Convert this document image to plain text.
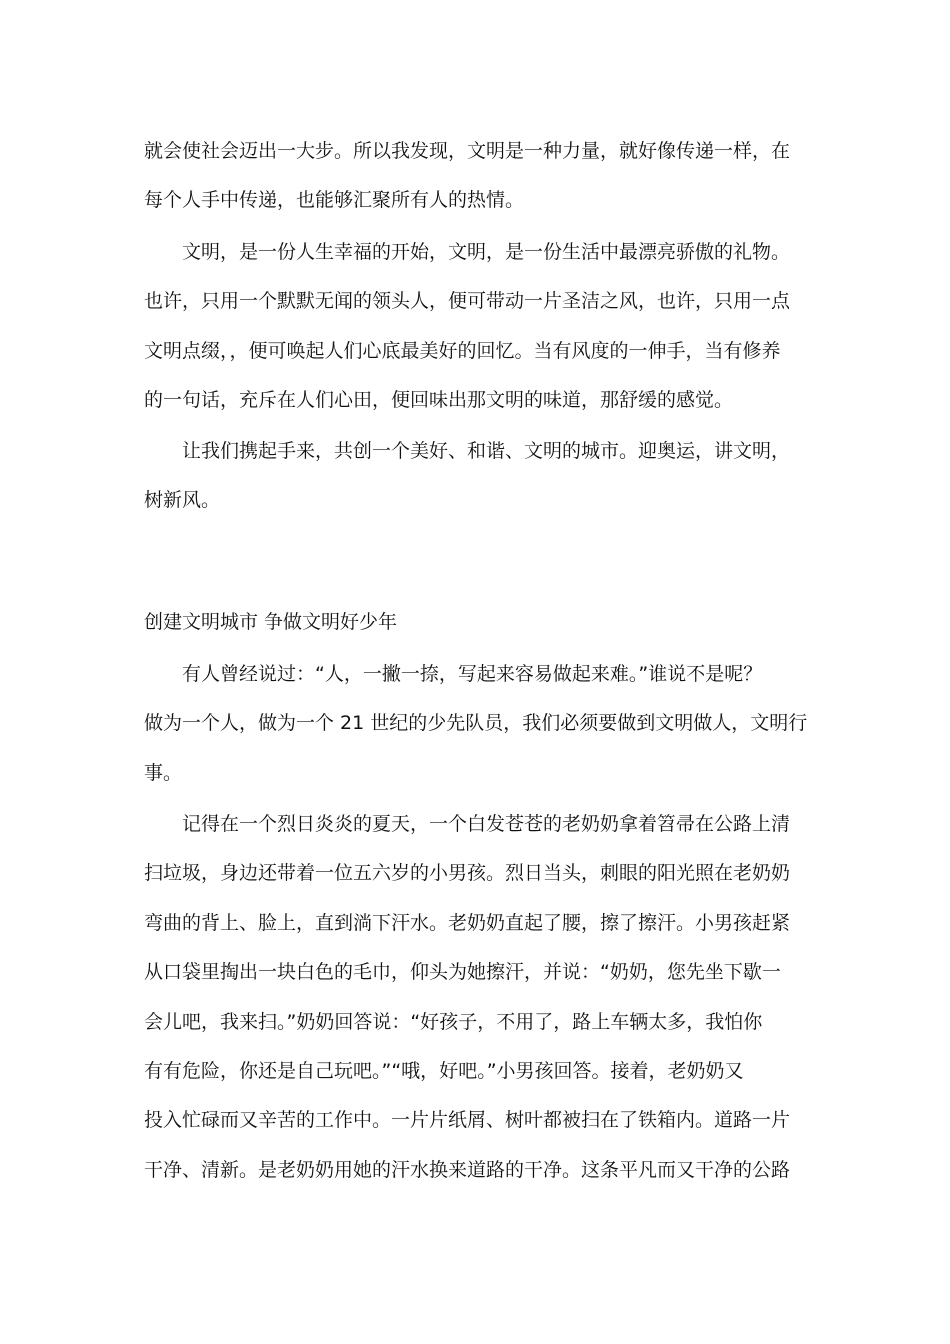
就会使社会迈出一大步。所以我发现，文明是一种力量，就好像传递一样，在
每个人手中传递，也能够汇聚所有人的热情。
文明，是一份人生幸福的开始，文明，是一份生活中最漂亮骄傲的礼物。
也许，只用一个默默无闻的领头人，便可带动一片圣洁之风，也许，只用一点
文明点缀，，便可唤起人们心底最美好的回忆。当有风度的一伸手，当有修养
的一句话，充斥在人们心田，便回味出那文明的味道，那舒缓的感觉。
让我们携起手来，共创一个美好、和谐、文明的城市。迎奥运，讲文明，
树新风。
创建文明城市 争做文明好少年
有人曾经说过：“人，一撇一捺，写起来容易做起来难。”谁说不是呢？
做为一个人，做为一个 21 世纪的少先队员，我们必须要做到文明做人，文明行
事。
记得在一个烈日炎炎的夏天，一个白发苍苍的老奶奶拿着笤帚在公路上清
扫垃圾，身边还带着一位五六岁的小男孩。烈日当头，刺眼的阳光照在老奶奶
弯曲的背上、脸上，直到淌下汗水。老奶奶直起了腰，擦了擦汗。小男孩赶紧
从口袋里掏出一块白色的毛巾，仰头为她擦汗，并说：“奶奶，您先坐下歇一
会儿吧，我来扫。”奶奶回答说：“好孩子，不用了，路上车辆太多，我怕你
有有危险，你还是自己玩吧。”“哦，好吧。”小男孩回答。接着，老奶奶又
投入忙碌而又辛苦的工作中。一片片纸屑、树叶都被扫在了铁箱内。道路一片
干净、清新。是老奶奶用她的汗水换来道路的干净。这条平凡而又干净的公路
